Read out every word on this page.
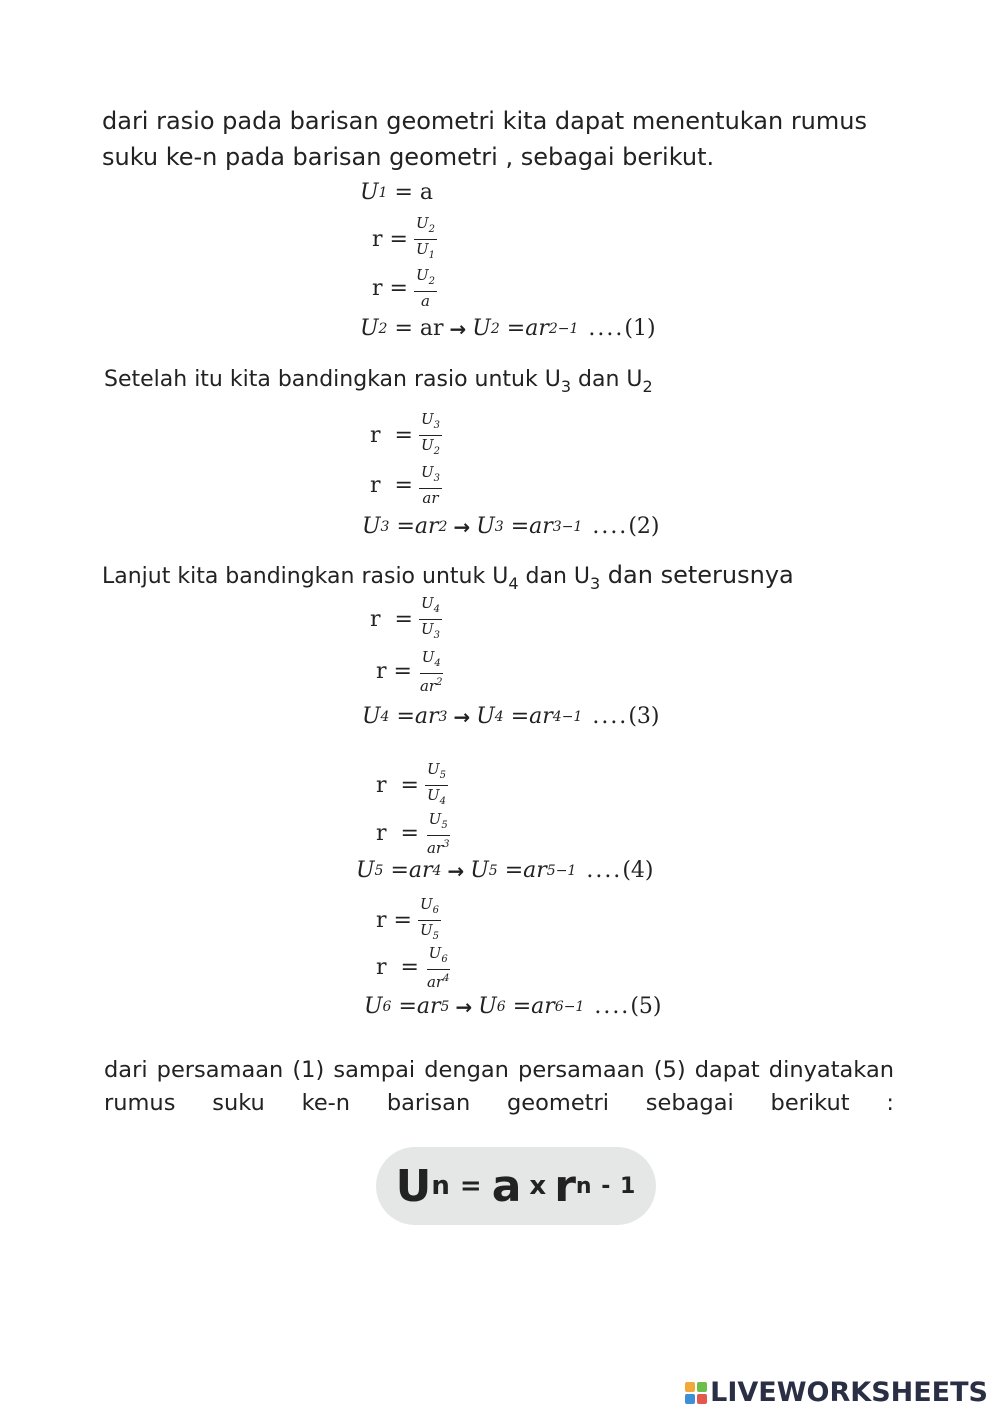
dari rasio pada barisan geometri kita dapat menentukan rumus
suku ke-n pada barisan geometri , sebagai berikut.
U 1 = a
$r = \frac{U_2}{U_1}$
$r = \frac{U_2}{a}$
U 2 = ar → U 2 = ar 2−1 .... (1)
Setelah itu kita bandingkan rasio untuk $U_3$ dan $U_2$
$r = \frac{U_3}{U_2}$
$r = \frac{U_3}{ar}$
U 3 = ar 2 → U 3 = ar 3−1 .... (2)
Lanjut kita bandingkan rasio untuk $U_4$ dan $U_3$ dan seterusnya
$r = \frac{U_4}{U_3}$
$r = \frac{U_4}{ar^2}$
U 4 = ar 3 → U 4 = ar 4−1 .... (3)
$r = \frac{U_5}{U_4}$
$r = \frac{U_5}{ar^3}$
U 5 = ar 4 → U 5 = ar 5−1 .... (4)
$r = \frac{U_6}{U_5}$
$r = \frac{U_6}{ar^4}$
U 6 = ar 5 → U 6 = ar 6−1 .... (5)
dari persamaan (1) sampai dengan persamaan (5) dapat dinyatakan
rumus suku ke-n barisan geometri sebagai berikut :
U n = a x r n - 1
LIVEWORKSHEETS
